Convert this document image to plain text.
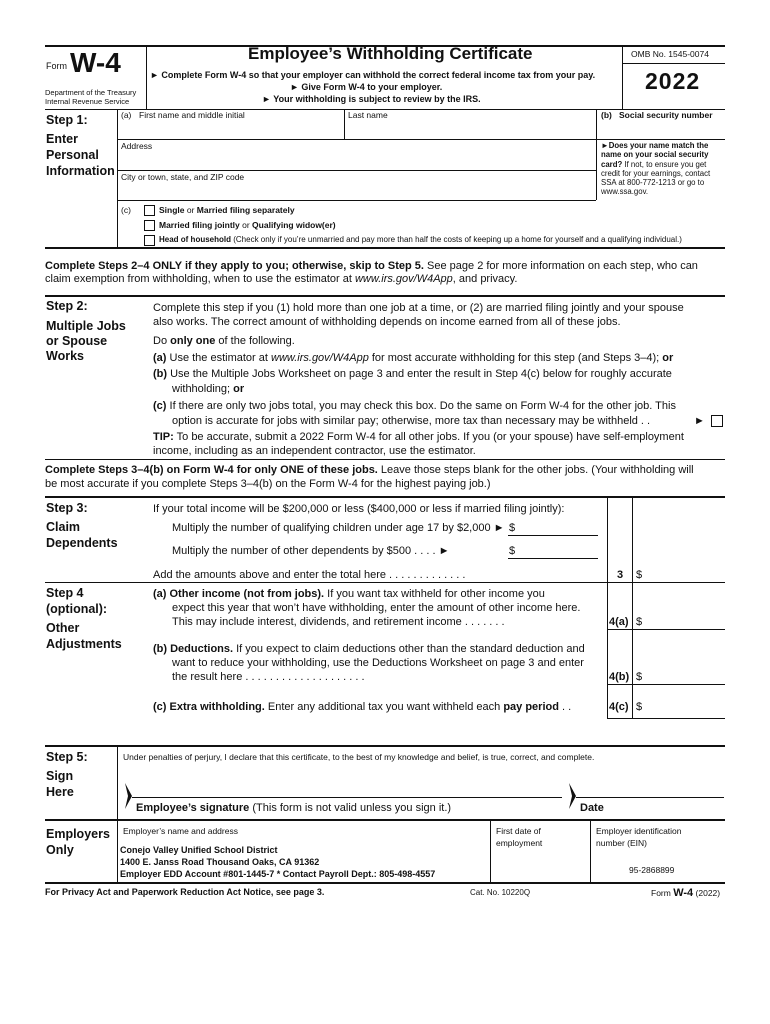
Form W-4
Department of the Treasury
Internal Revenue Service
Employee’s Withholding Certificate
► Complete Form W-4 so that your employer can withhold the correct federal income tax from your pay.
► Give Form W-4 to your employer.
► Your withholding is subject to review by the IRS.
OMB No. 1545-0074
2022
Step 1:
Enter
Personal
Information
(a) First name and middle initial	Last name	(b) Social security number
Address
City or town, state, and ZIP code
►Does your name match the name on your social security card? If not, to ensure you get credit for your earnings, contact SSA at 800-772-1213 or go to www.ssa.gov.
(c)	Single or Married filing separately
Married filing jointly or Qualifying widow(er)
Head of household (Check only if you’re unmarried and pay more than half the costs of keeping up a home for yourself and a qualifying individual.)
Complete Steps 2–4 ONLY if they apply to you; otherwise, skip to Step 5. See page 2 for more information on each step, who can
claim exemption from withholding, when to use the estimator at www.irs.gov/W4App, and privacy.
Step 2:
Multiple Jobs
or Spouse
Works
Complete this step if you (1) hold more than one job at a time, or (2) are married filing jointly and your spouse
also works. The correct amount of withholding depends on income earned from all of these jobs.
Do only one of the following.
(a) Use the estimator at www.irs.gov/W4App for most accurate withholding for this step (and Steps 3–4); or
(b) Use the Multiple Jobs Worksheet on page 3 and enter the result in Step 4(c) below for roughly accurate
withholding; or
(c) If there are only two jobs total, you may check this box. Do the same on Form W-4 for the other job. This
option is accurate for jobs with similar pay; otherwise, more tax than necessary may be withheld . .	►
TIP: To be accurate, submit a 2022 Form W-4 for all other jobs. If you (or your spouse) have self-employment
income, including as an independent contractor, use the estimator.
Complete Steps 3–4(b) on Form W-4 for only ONE of these jobs. Leave those steps blank for the other jobs. (Your withholding will
be most accurate if you complete Steps 3–4(b) on the Form W-4 for the highest paying job.)
Step 3:
Claim
Dependents
If your total income will be $200,000 or less ($400,000 or less if married filing jointly):
Multiply the number of qualifying children under age 17 by $2,000 ► $
Multiply the number of other dependents by $500 . . . . ►	$
Add the amounts above and enter the total here . . . . . . . . . . . . .	3 $
Step 4
(optional):
Other
Adjustments
(a) Other income (not from jobs). If you want tax withheld for other income you
expect this year that won’t have withholding, enter the amount of other income here.
This may include interest, dividends, and retirement income . . . . . . .	4(a) $
(b) Deductions. If you expect to claim deductions other than the standard deduction and
want to reduce your withholding, use the Deductions Worksheet on page 3 and enter
the result here . . . . . . . . . . . . . . . . . . . .	4(b) $
(c) Extra withholding. Enter any additional tax you want withheld each pay period . .	4(c) $
Step 5:
Sign
Here
Under penalties of perjury, I declare that this certificate, to the best of my knowledge and belief, is true, correct, and complete.
Employee’s signature (This form is not valid unless you sign it.)	Date
Employers
Only
Employer’s name and address
Conejo Valley Unified School District
1400 E. Janss Road Thousand Oaks, CA 91362
Employer EDD Account #801-1445-7 * Contact Payroll Dept.: 805-498-4557
First date of
employment
Employer identification
number (EIN)
95-2868899
For Privacy Act and Paperwork Reduction Act Notice, see page 3.	Cat. No. 10220Q	Form W-4 (2022)
